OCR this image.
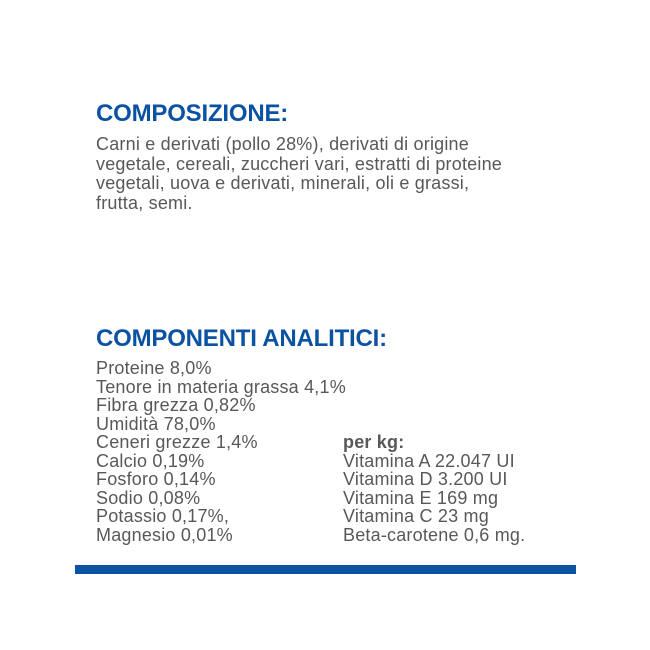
COMPOSIZIONE:

Carni e derivati (pollo 28%), derivati di origine
vegetale, cereali, zuccheri vari, estratti di proteine
vegetali, uova e derivati, minerali, oli e grassi,
frutta, semi.

COMPONENTI ANALITICI:
Proteine 8,0%
Tenore in materia grassa 4,1%
Fibra grezza 0,82%
Umidità 78,0%
Ceneri grezze 1,4%
Calcio 0,19%
Fosforo 0,14%
Sodio 0,08%
Potassio 0,17%,
Magnesio 0,01%
per kg:
Vitamina A 22.047 UI
Vitamina D 3.200 UI
Vitamina E 169 mg
Vitamina C 23 mg
Beta-carotene 0,6 mg.
